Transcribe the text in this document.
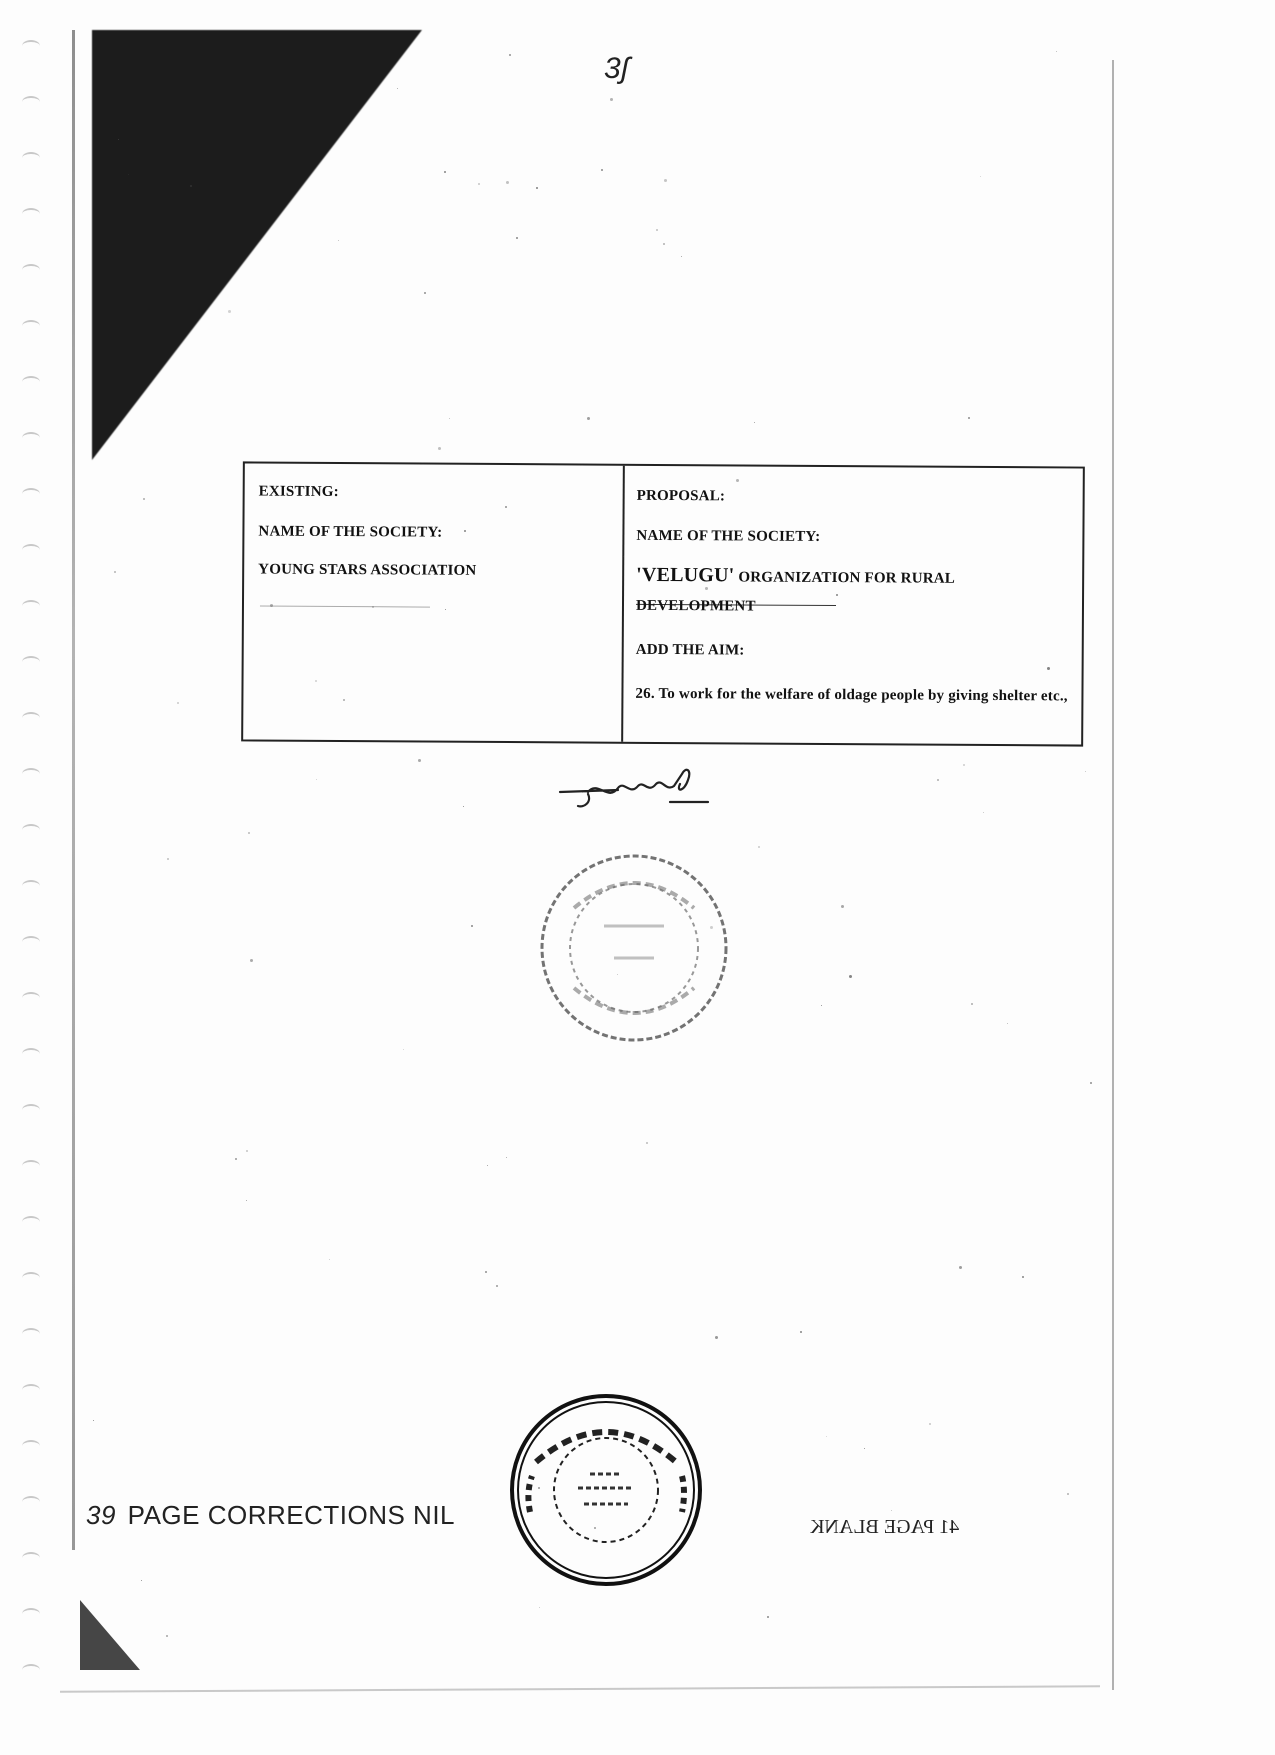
3ʃ
EXISTING:
NAME OF THE SOCIETY:
YOUNG STARS ASSOCIATION
PROPOSAL:
NAME OF THE SOCIETY:
'VELUGU' ORGANIZATION FOR RURAL
DEVELOPMENT
ADD THE AIM:
26. To work for the welfare of oldage people by giving shelter etc.,
39 PAGE CORRECTIONS NIL	41 PAGE BLANK
